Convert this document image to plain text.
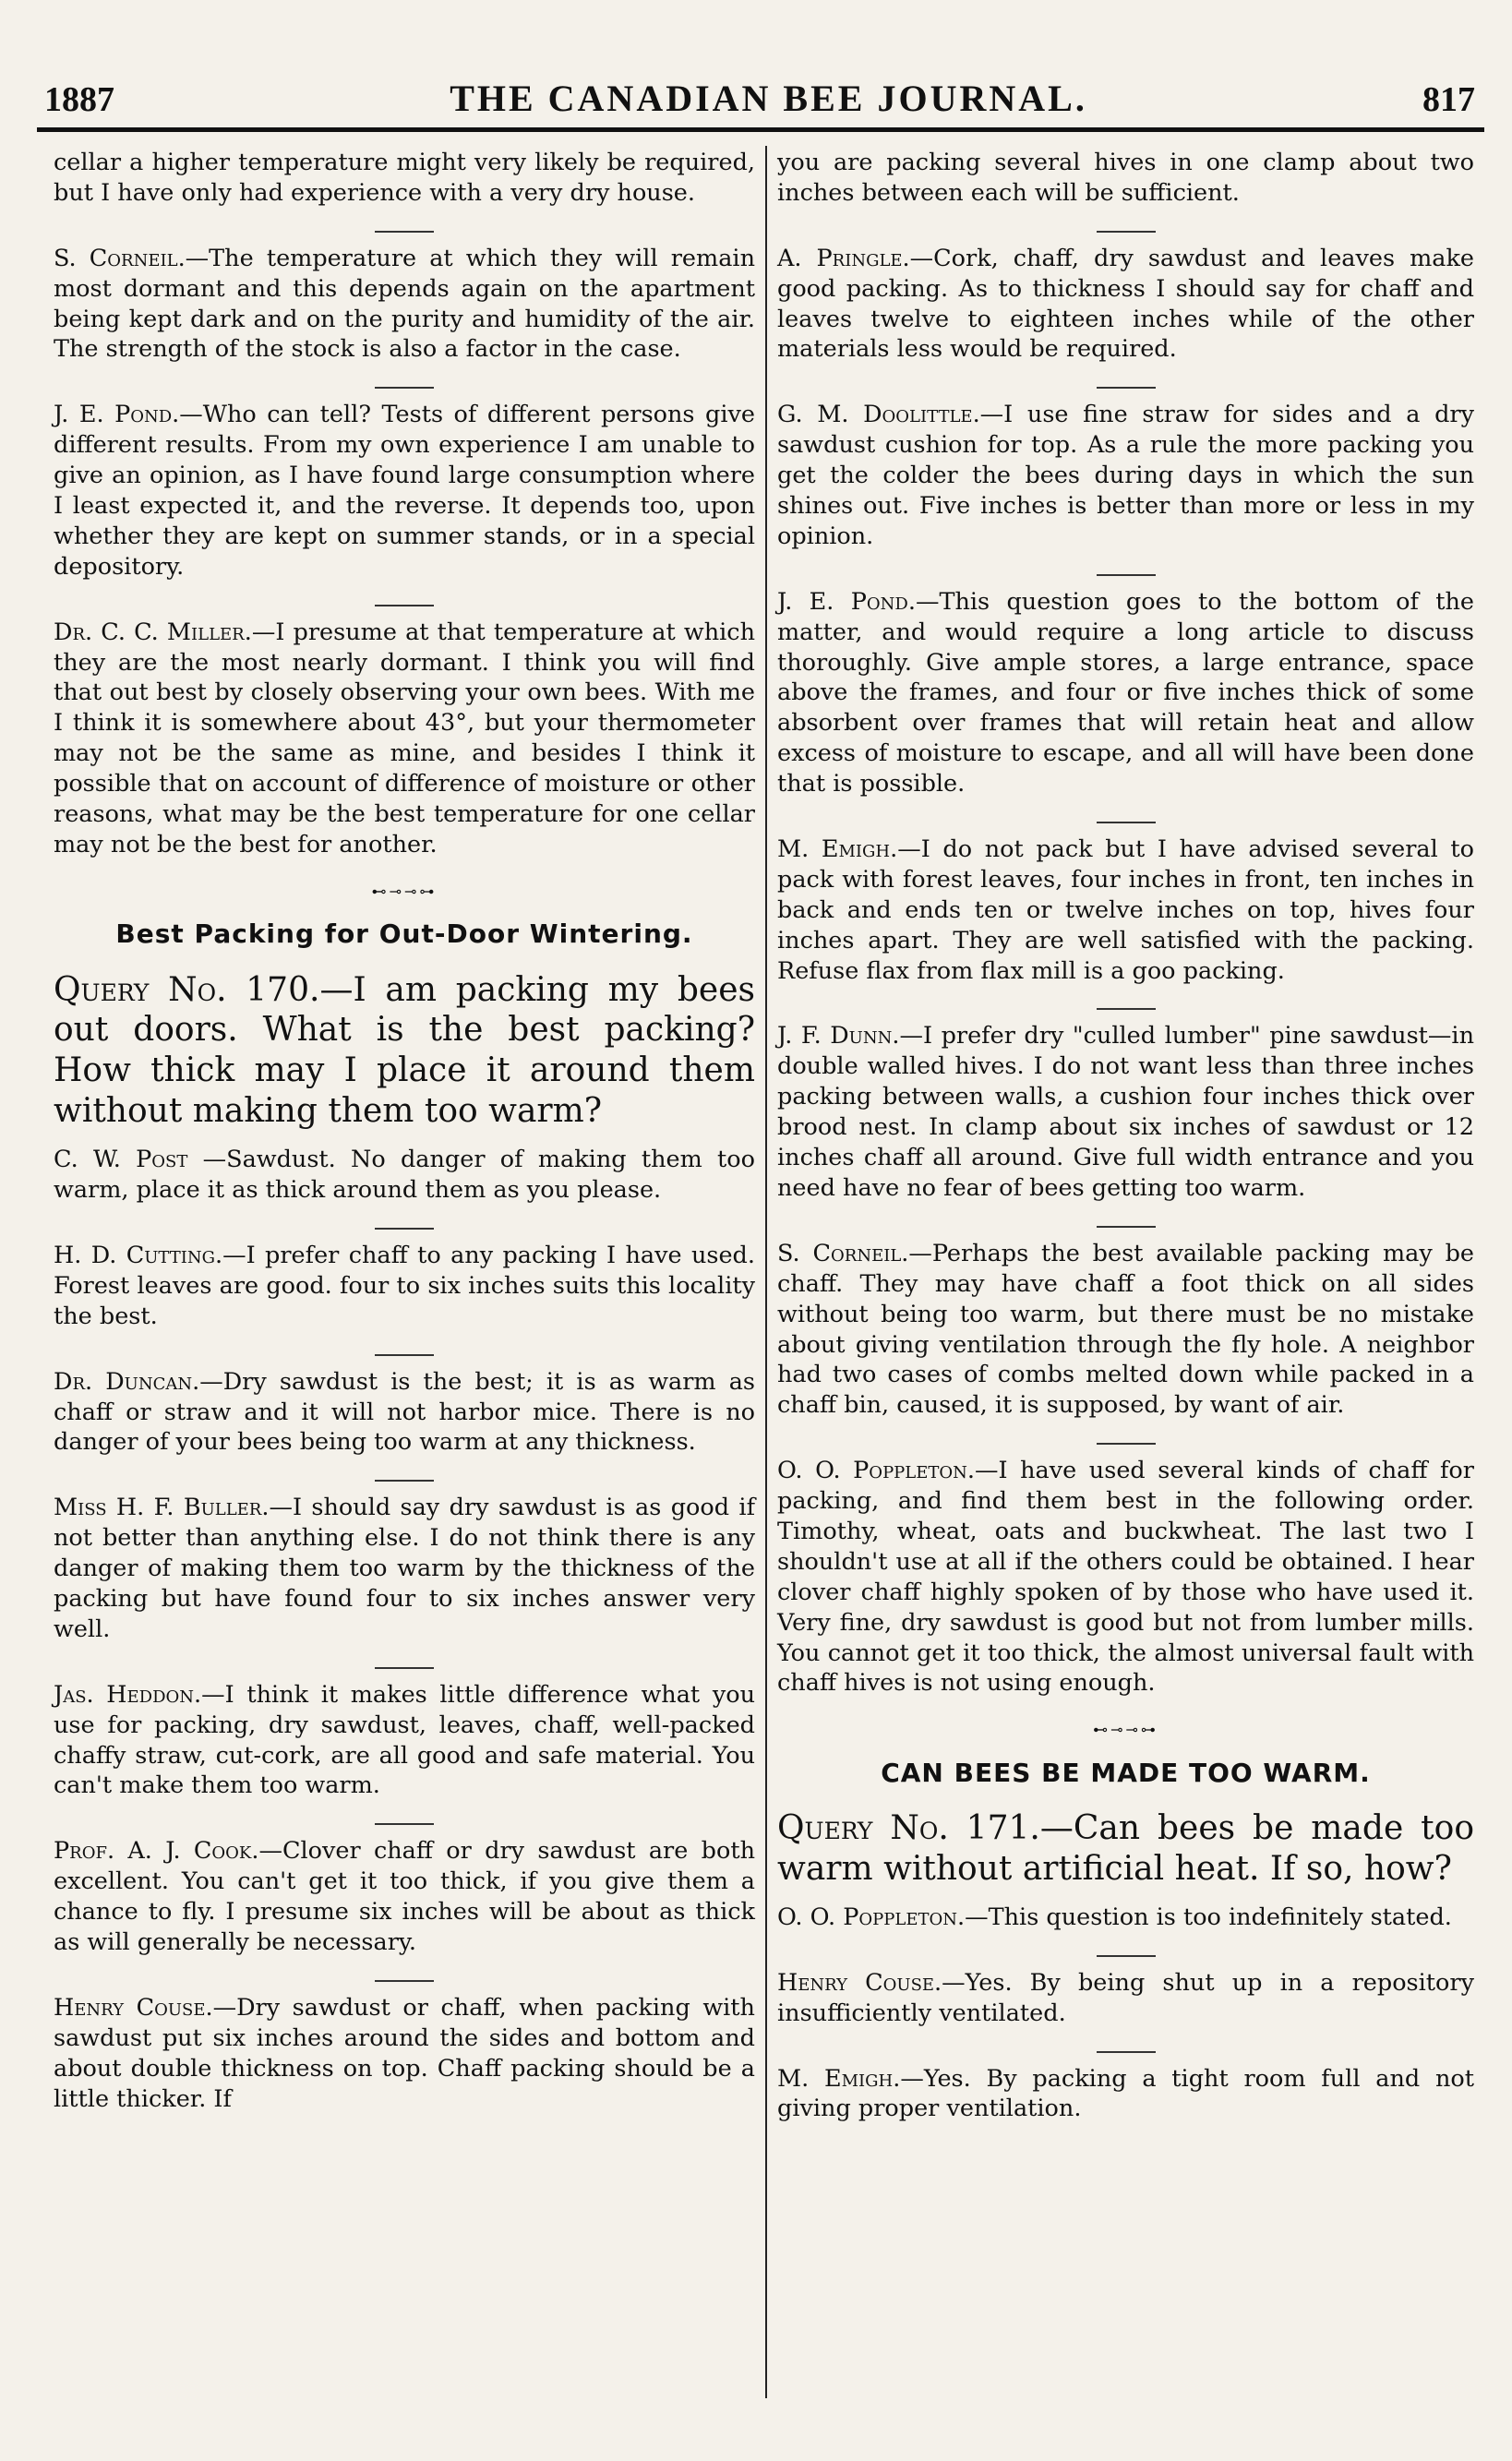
1887	THE CANADIAN BEE JOURNAL.	817

cellar a higher temperature might very likely be required, but I have only had experience with a very dry house.

S. Corneil.—The temperature at which they will remain most dormant and this depends again on the apartment being kept dark and on the purity and humidity of the air. The strength of the stock is also a factor in the case.

J. E. Pond.—Who can tell? Tests of different persons give different results. From my own experience I am unable to give an opinion, as I have found large consumption where I least expected it, and the reverse. It depends too, upon whether they are kept on summer stands, or in a special depository.

Dr. C. C. Miller.—I presume at that temperature at which they are the most nearly dormant. I think you will find that out best by closely observing your own bees. With me I think it is somewhere about 43°, but your thermometer may not be the same as mine, and besides I think it possible that on account of difference of moisture or other reasons, what may be the best temperature for one cellar may not be the best for another.

⊷⊸⊸⊶
Best Packing for Out-Door Wintering.

Query No. 170.—I am packing my bees out doors. What is the best packing? How thick may I place it around them without making them too warm?

C. W. Post —Sawdust. No danger of making them too warm, place it as thick around them as you please.

H. D. Cutting.—I prefer chaff to any packing I have used. Forest leaves are good. four to six inches suits this locality the best.

Dr. Duncan.—Dry sawdust is the best; it is as warm as chaff or straw and it will not harbor mice. There is no danger of your bees being too warm at any thickness.

Miss H. F. Buller.—I should say dry sawdust is as good if not better than anything else. I do not think there is any danger of making them too warm by the thickness of the packing but have found four to six inches answer very well.

Jas. Heddon.—I think it makes little difference what you use for packing, dry sawdust, leaves, chaff, well-packed chaffy straw, cut-cork, are all good and safe material. You can't make them too warm.

Prof. A. J. Cook.—Clover chaff or dry sawdust are both excellent. You can't get it too thick, if you give them a chance to fly. I presume six inches will be about as thick as will generally be necessary.

Henry Couse.—Dry sawdust or chaff, when packing with sawdust put six inches around the sides and bottom and about double thickness on top. Chaff packing should be a little thicker. If

you are packing several hives in one clamp about two inches between each will be sufficient.

A. Pringle.—Cork, chaff, dry sawdust and leaves make good packing. As to thickness I should say for chaff and leaves twelve to eighteen inches while of the other materials less would be required.

G. M. Doolittle.—I use fine straw for sides and a dry sawdust cushion for top. As a rule the more packing you get the colder the bees during days in which the sun shines out. Five inches is better than more or less in my opinion.

J. E. Pond.—This question goes to the bottom of the matter, and would require a long article to discuss thoroughly. Give ample stores, a large entrance, space above the frames, and four or five inches thick of some absorbent over frames that will retain heat and allow excess of moisture to escape, and all will have been done that is possible.

M. Emigh.—I do not pack but I have advised several to pack with forest leaves, four inches in front, ten inches in back and ends ten or twelve inches on top, hives four inches apart. They are well satisfied with the packing. Refuse flax from flax mill is a goo packing.

J. F. Dunn.—I prefer dry "culled lumber" pine sawdust—in double walled hives. I do not want less than three inches packing between walls, a cushion four inches thick over brood nest. In clamp about six inches of sawdust or 12 inches chaff all around. Give full width entrance and you need have no fear of bees getting too warm.

S. Corneil.—Perhaps the best available packing may be chaff. They may have chaff a foot thick on all sides without being too warm, but there must be no mistake about giving ventilation through the fly hole. A neighbor had two cases of combs melted down while packed in a chaff bin, caused, it is supposed, by want of air.

O. O. Poppleton.—I have used several kinds of chaff for packing, and find them best in the following order. Timothy, wheat, oats and buckwheat. The last two I shouldn't use at all if the others could be obtained. I hear clover chaff highly spoken of by those who have used it. Very fine, dry sawdust is good but not from lumber mills. You cannot get it too thick, the almost universal fault with chaff hives is not using enough.

⊷⊸⊸⊶
CAN BEES BE MADE TOO WARM.

Query No. 171.—Can bees be made too warm without artificial heat. If so, how?

O. O. Poppleton.—This question is too indefinitely stated.

Henry Couse.—Yes. By being shut up in a repository insufficiently ventilated.

M. Emigh.—Yes. By packing a tight room full and not giving proper ventilation.
